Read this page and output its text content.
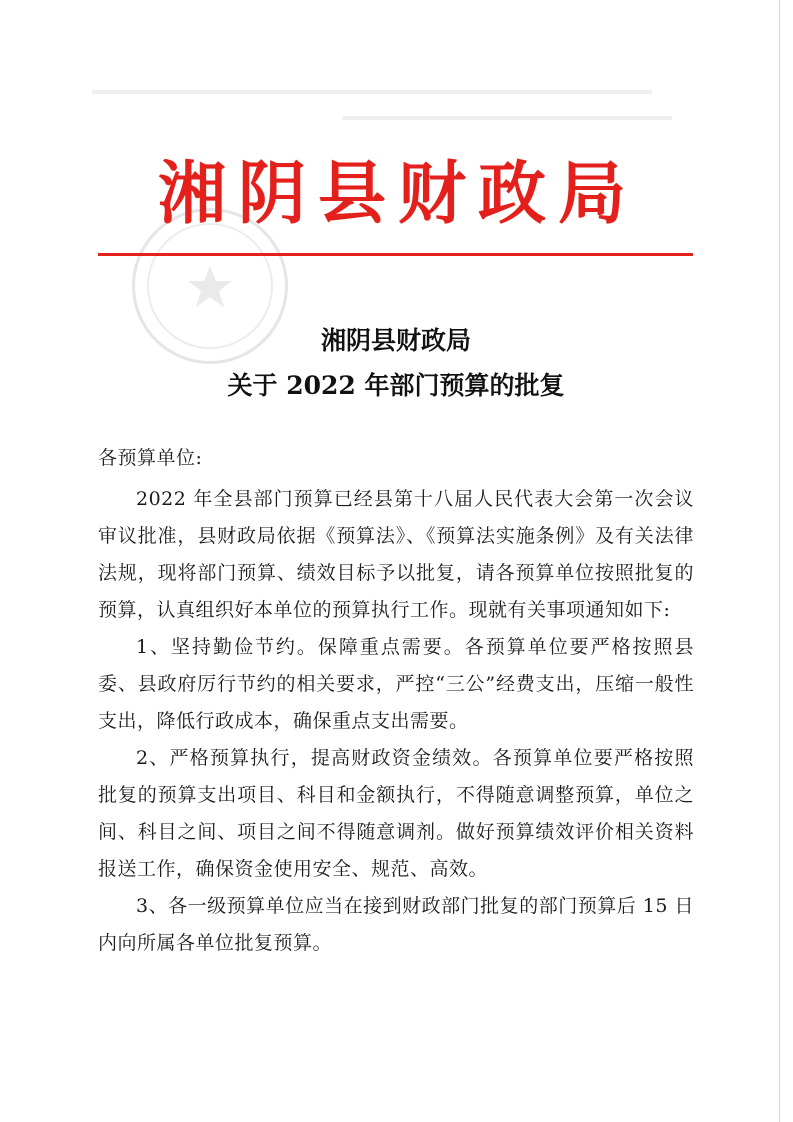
湘阴县财政局
湘阴县财政局
关于 2022 年部门预算的批复

各预算单位:

2022 年全县部门预算已经县第十八届人民代表大会第一次会议审议批准，县财政局依据《预算法》、《预算法实施条例》及有关法律法规，现将部门预算、绩效目标予以批复，请各预算单位按照批复的预算，认真组织好本单位的预算执行工作。现就有关事项通知如下:

1、坚持勤俭节约。保障重点需要。各预算单位要严格按照县委、县政府厉行节约的相关要求，严控“三公”经费支出，压缩一般性支出，降低行政成本，确保重点支出需要。

2、严格预算执行，提高财政资金绩效。各预算单位要严格按照批复的预算支出项目、科目和金额执行，不得随意调整预算，单位之间、科目之间、项目之间不得随意调剂。做好预算绩效评价相关资料报送工作，确保资金使用安全、规范、高效。

3、各一级预算单位应当在接到财政部门批复的部门预算后 15 日内向所属各单位批复预算。
